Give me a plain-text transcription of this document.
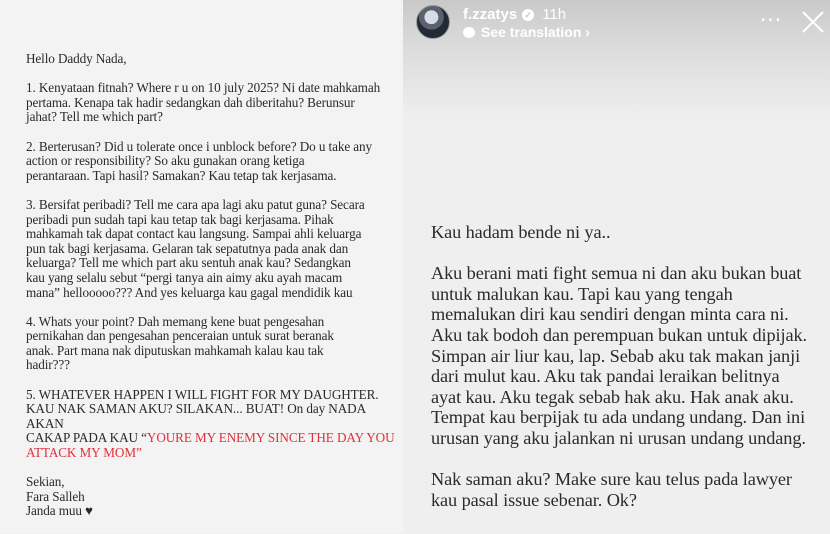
Hello Daddy Nada,
1. Kenyataan fitnah? Where r u on 10 july 2025? Ni date mahkamah
pertama. Kenapa tak hadir sedangkan dah diberitahu? Berunsur
jahat? Tell me which part?
2. Berterusan? Did u tolerate once i unblock before? Do u take any
action or responsibility? So aku gunakan orang ketiga
perantaraan. Tapi hasil? Samakan? Kau tetap tak kerjasama.
3. Bersifat peribadi? Tell me cara apa lagi aku patut guna? Secara
peribadi pun sudah tapi kau tetap tak bagi kerjasama. Pihak
mahkamah tak dapat contact kau langsung. Sampai ahli keluarga
pun tak bagi kerjasama. Gelaran tak sepatutnya pada anak dan
keluarga? Tell me which part aku sentuh anak kau? Sedangkan
kau yang selalu sebut “pergi tanya ain aimy aku ayah macam
mana” hellooooo??? And yes keluarga kau gagal mendidik kau
4. Whats your point? Dah memang kene buat pengesahan
pernikahan dan pengesahan penceraian untuk surat beranak
anak. Part mana nak diputuskan mahkamah kalau kau tak
hadir???
5. WHATEVER HAPPEN I WILL FIGHT FOR MY DAUGHTER.
KAU NAK SAMAN AKU? SILAKAN... BUAT! On day NADA AKAN
CAKAP PADA KAU “YOURE MY ENEMY SINCE THE DAY YOU
ATTACK MY MOM”
Sekian,
Fara Salleh
Janda muu ♥
f.zzatys ✓ 11h
See translation ›	···
Kau hadam bende ni ya..
Aku berani mati fight semua ni dan aku bukan buat
untuk malukan kau. Tapi kau yang tengah
memalukan diri kau sendiri dengan minta cara ni.
Aku tak bodoh dan perempuan bukan untuk dipijak.
Simpan air liur kau, lap. Sebab aku tak makan janji
dari mulut kau. Aku tak pandai leraikan belitnya
ayat kau. Aku tegak sebab hak aku. Hak anak aku.
Tempat kau berpijak tu ada undang undang. Dan ini
urusan yang aku jalankan ni urusan undang undang.
Nak saman aku? Make sure kau telus pada lawyer
kau pasal issue sebenar. Ok?
